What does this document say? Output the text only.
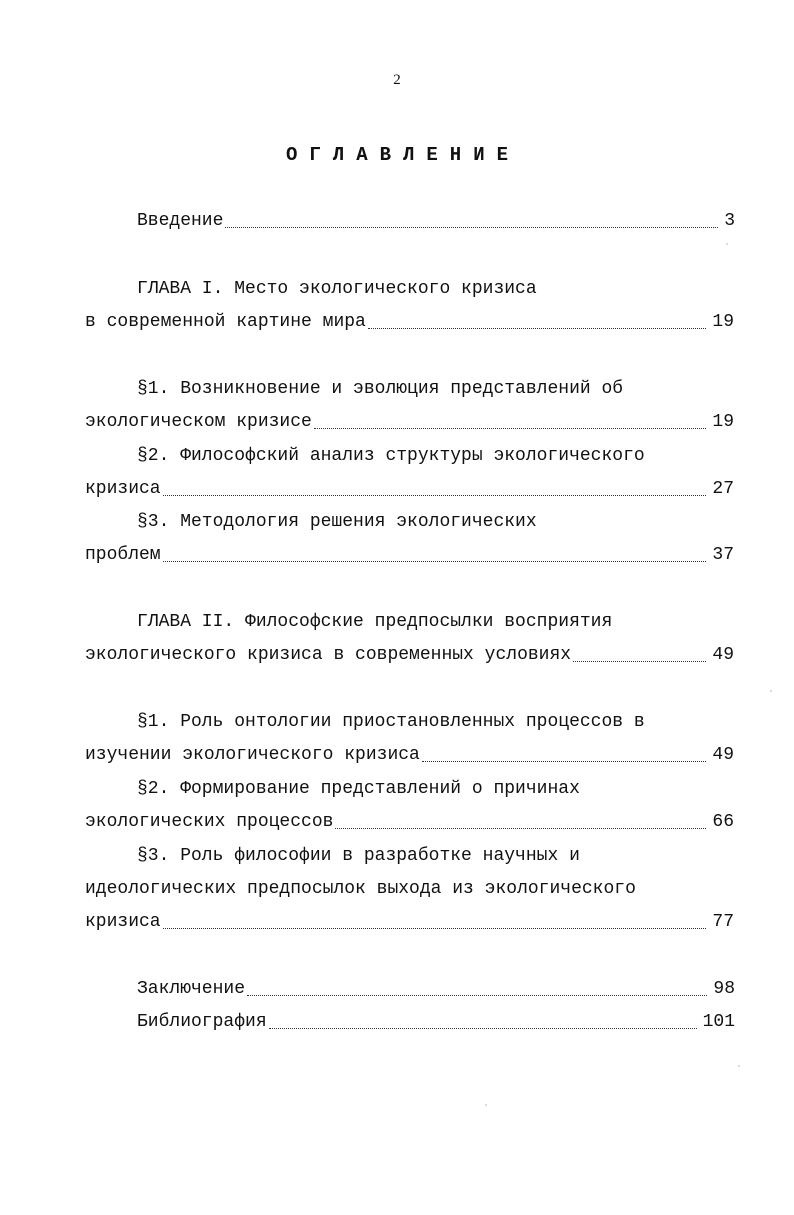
2
ОГЛАВЛЕНИЕ
Введение	3
ГЛАВА I. Место экологического кризиса
в современной картине мира	19
§1. Возникновение и эволюция представлений об
экологическом кризисе	19
§2. Философский анализ структуры экологического
кризиса	27
§3. Методология решения экологических
проблем	37
ГЛАВА II. Философские предпосылки восприятия
экологического кризиса в современных условиях	49
§1. Роль онтологии приостановленных процессов в
изучении экологического кризиса	49
§2. Формирование представлений о причинах
экологических процессов	66
§3. Роль философии в разработке научных и
идеологических предпосылок выхода из экологического
кризиса	77
Заключение	98
Библиография	101
